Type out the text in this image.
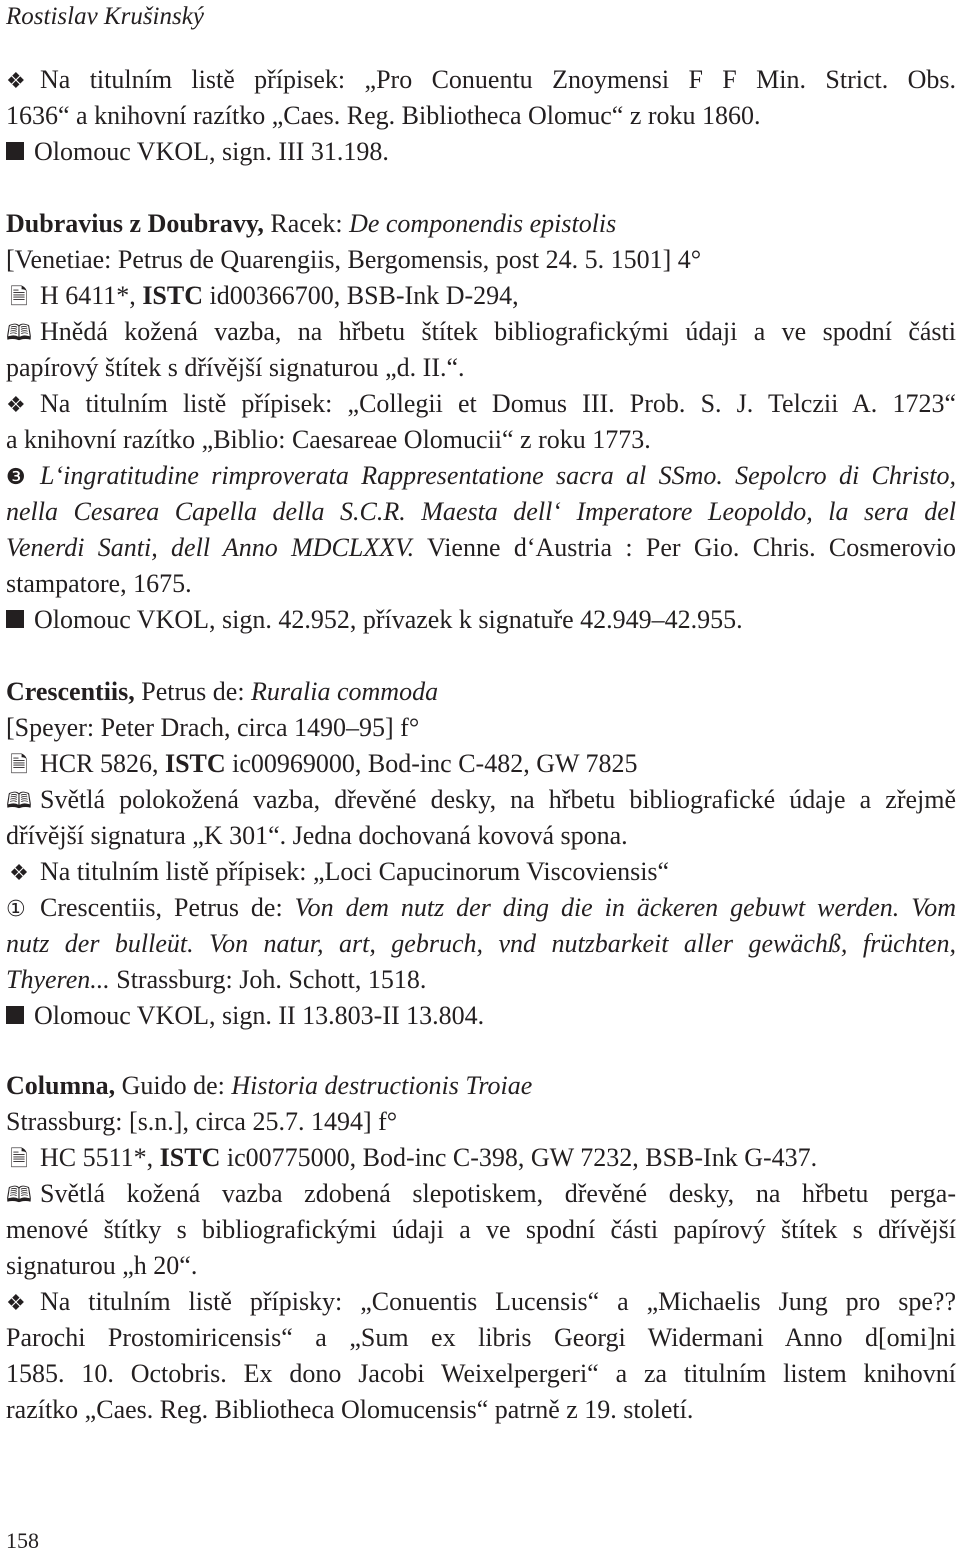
Rostislav Krušinský
❖ Na titulním listě přípisek: „Pro Conuentu Znoymensi F F Min. Strict. Obs.
1636“ a knihovní razítko „Caes. Reg. Bibliotheca Olomuc“ z roku 1860.
Olomouc VKOL, sign. III 31.198.
Dubravius z Doubravy, Racek: De componendis epistolis
[Venetiae: Petrus de Quarengiis, Bergomensis, post 24. 5. 1501] 4°
🗎 H 6411*, ISTC id00366700, BSB-Ink D-294,
🕮 Hnědá kožená vazba, na hřbetu štítek bibliografickými údaji a ve spodní části
papírový štítek s dřívější signaturou „d. II.“.
❖ Na titulním listě přípisek: „Collegii et Domus III. Prob. S. J. Telczii A. 1723“
a knihovní razítko „Biblio: Caesareae Olomucii“ z roku 1773.
❸ L‘ingratitudine rimproverata Rappresentatione sacra al SSmo. Sepolcro di Christo,
nella Cesarea Capella della S.C.R. Maesta dell‘ Imperatore Leopoldo, la sera del
Venerdi Santi, dell Anno MDCLXXV. Vienne d‘Austria : Per Gio. Chris. Cosmerovio
stampatore, 1675.
Olomouc VKOL, sign. 42.952, přívazek k signatuře 42.949–42.955.
Crescentiis, Petrus de: Ruralia commoda
[Speyer: Peter Drach, circa 1490–95] f°
🗎 HCR 5826, ISTC ic00969000, Bod-inc C-482, GW 7825
🕮 Světlá polokožená vazba, dřevěné desky, na hřbetu bibliografické údaje a zřejmě
dřívější signatura „K 301“. Jedna dochovaná kovová spona.
❖ Na titulním listě přípisek: „Loci Capucinorum Viscoviensis“
① Crescentiis, Petrus de: Von dem nutz der ding die in äckeren gebuwt werden. Vom
nutz der bulleüt. Von natur, art, gebruch, vnd nutzbarkeit aller gewächß, früchten,
Thyeren... Strassburg: Joh. Schott, 1518.
Olomouc VKOL, sign. II 13.803-II 13.804.
Columna, Guido de: Historia destructionis Troiae
Strassburg: [s.n.], circa 25.7. 1494] f°
🗎 HC 5511*, ISTC ic00775000, Bod-inc C-398, GW 7232, BSB-Ink G-437.
🕮 Světlá kožená vazba zdobená slepotiskem, dřevěné desky, na hřbetu perga-
menové štítky s bibliografickými údaji a ve spodní části papírový štítek s dřívější
signaturou „h 20“.
❖ Na titulním listě přípisky: „Conuentis Lucensis“ a „Michaelis Jung pro spe??
Parochi Prostomiricensis“ a „Sum ex libris Georgi Widermani Anno d[omi]ni
1585. 10. Octobris. Ex dono Jacobi Weixelpergeri“ a za titulním listem knihovní
razítko „Caes. Reg. Bibliotheca Olomucensis“ patrně z 19. století.
158
